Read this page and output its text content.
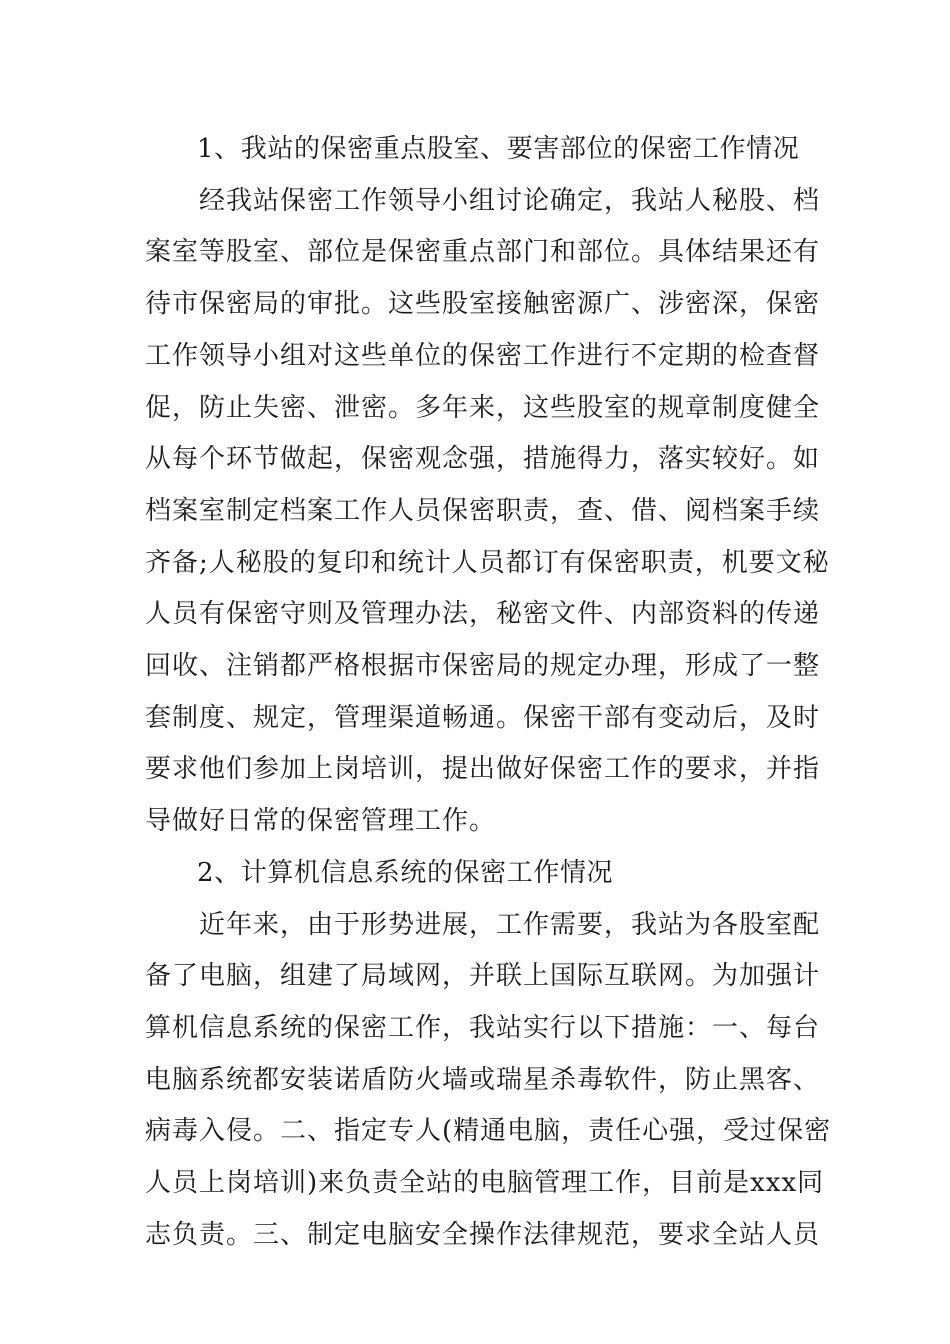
1、我站的保密重点股室、要害部位的保密工作情况

经我站保密工作领导小组讨论确定，我站人秘股、档
案室等股室、部位是保密重点部门和部位。具体结果还有
待市保密局的审批。这些股室接触密源广、涉密深，保密
工作领导小组对这些单位的保密工作进行不定期的检查督
促，防止失密、泄密。多年来，这些股室的规章制度健全
从每个环节做起，保密观念强，措施得力，落实较好。如
档案室制定档案工作人员保密职责，查、借、阅档案手续
齐备;人秘股的复印和统计人员都订有保密职责，机要文秘
人员有保密守则及管理办法，秘密文件、内部资料的传递
回收、注销都严格根据市保密局的规定办理，形成了一整
套制度、规定，管理渠道畅通。保密干部有变动后，及时
要求他们参加上岗培训，提出做好保密工作的要求，并指
导做好日常的保密管理工作。

2、计算机信息系统的保密工作情况

近年来，由于形势进展，工作需要，我站为各股室配
备了电脑，组建了局域网，并联上国际互联网。为加强计
算机信息系统的保密工作，我站实行以下措施：一、每台
电脑系统都安装诺盾防火墙或瑞星杀毒软件，防止黑客、
病毒入侵。二、指定专人(精通电脑，责任心强，受过保密
人员上岗培训)来负责全站的电脑管理工作，目前是xxx同
志负责。三、制定电脑安全操作法律规范，要求全站人员
